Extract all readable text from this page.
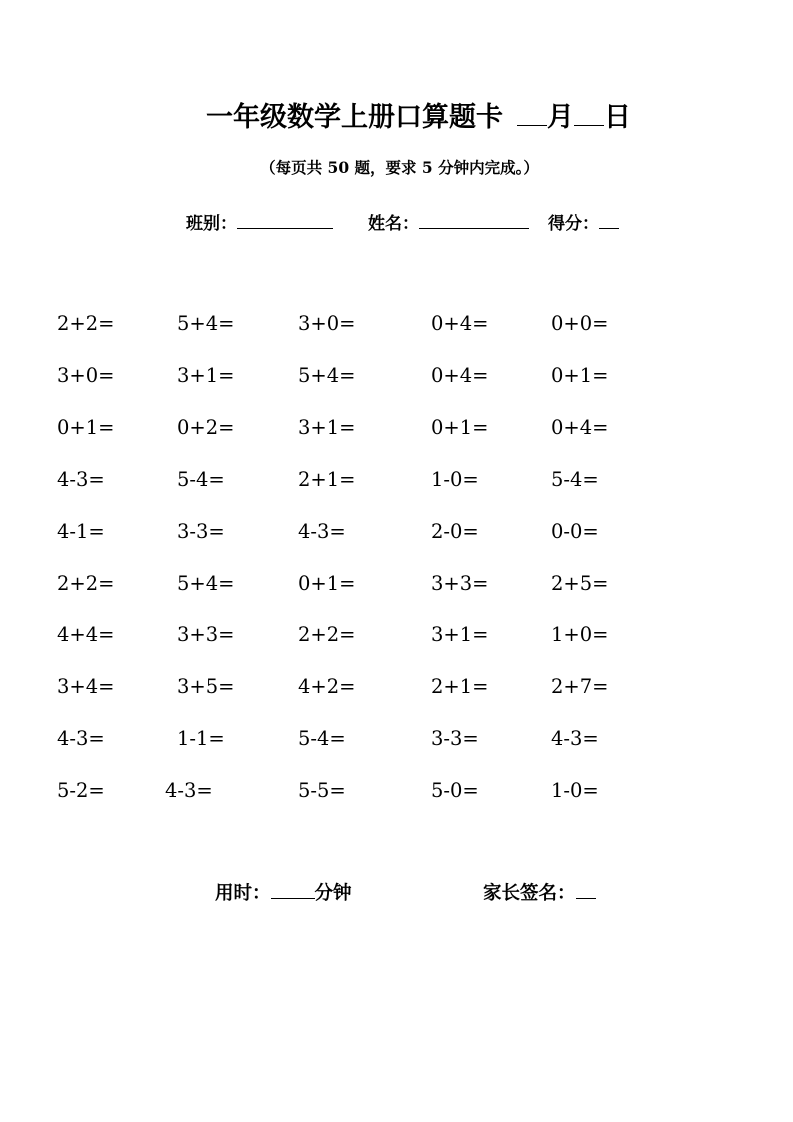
一年级数学上册口算题卡 月 日
（每页共 50 题，要求 5 分钟内完成。）
班别：	姓名：	得分：
2+2=	5+4=	3+0=	0+4=	0+0=
3+0=	3+1=	5+4=	0+4=	0+1=
0+1=	0+2=	3+1=	0+1=	0+4=
4-3=	5-4=	2+1=	1-0=	5-4=
4-1=	3-3=	4-3=	2-0=	0-0=
2+2=	5+4=	0+1=	3+3=	2+5=
4+4=	3+3=	2+2=	3+1=	1+0=
3+4=	3+5=	4+2=	2+1=	2+7=
4-3=	1-1=	5-4=	3-3=	4-3=
5-2=	4-3=	5-5=	5-0=	1-0=
用时： 分钟	家长签名：
